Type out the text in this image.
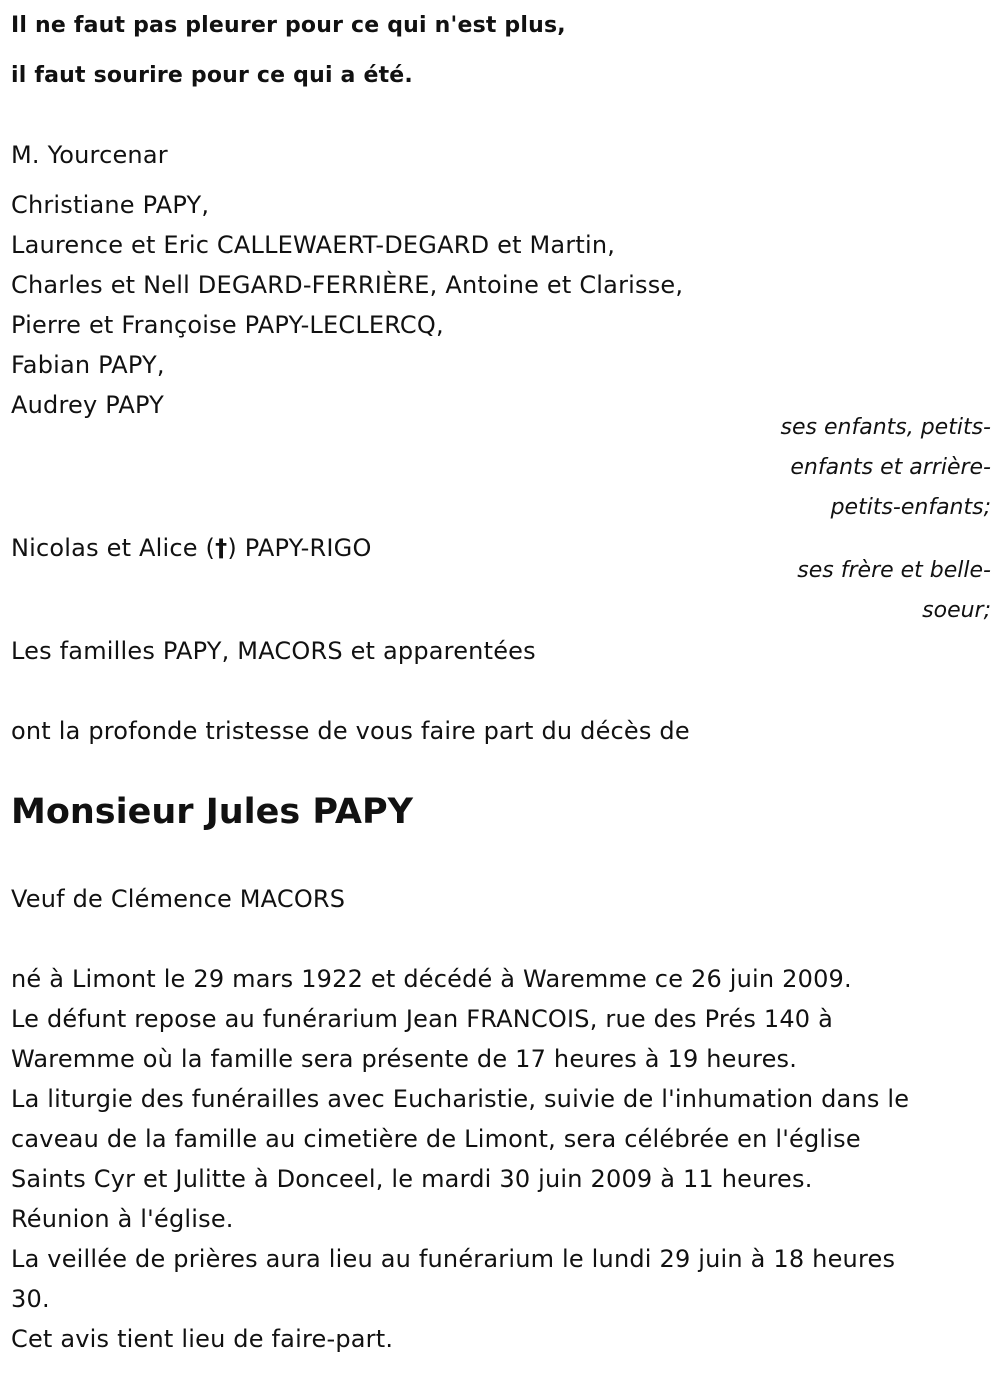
Il ne faut pas pleurer pour ce qui n'est plus,
il faut sourire pour ce qui a été.
M. Yourcenar
Christiane PAPY,
Laurence et Eric CALLEWAERT-DEGARD et Martin,
Charles et Nell DEGARD-FERRIÈRE, Antoine et Clarisse,
Pierre et Françoise PAPY-LECLERCQ,
Fabian PAPY,
Audrey PAPY
ses enfants, petits-
enfants et arrière-
petits-enfants;
Nicolas et Alice (†) PAPY-RIGO
ses frère et belle-
soeur;
Les familles PAPY, MACORS et apparentées
ont la profonde tristesse de vous faire part du décès de
Monsieur Jules PAPY
Veuf de Clémence MACORS
né à Limont le 29 mars 1922 et décédé à Waremme ce 26 juin 2009.
Le défunt repose au funérarium Jean FRANCOIS, rue des Prés 140 à
Waremme où la famille sera présente de 17 heures à 19 heures.
La liturgie des funérailles avec Eucharistie, suivie de l'inhumation dans le
caveau de la famille au cimetière de Limont, sera célébrée en l'église
Saints Cyr et Julitte à Donceel, le mardi 30 juin 2009 à 11 heures.
Réunion à l'église.
La veillée de prières aura lieu au funérarium le lundi 29 juin à 18 heures
30.
Cet avis tient lieu de faire-part.
